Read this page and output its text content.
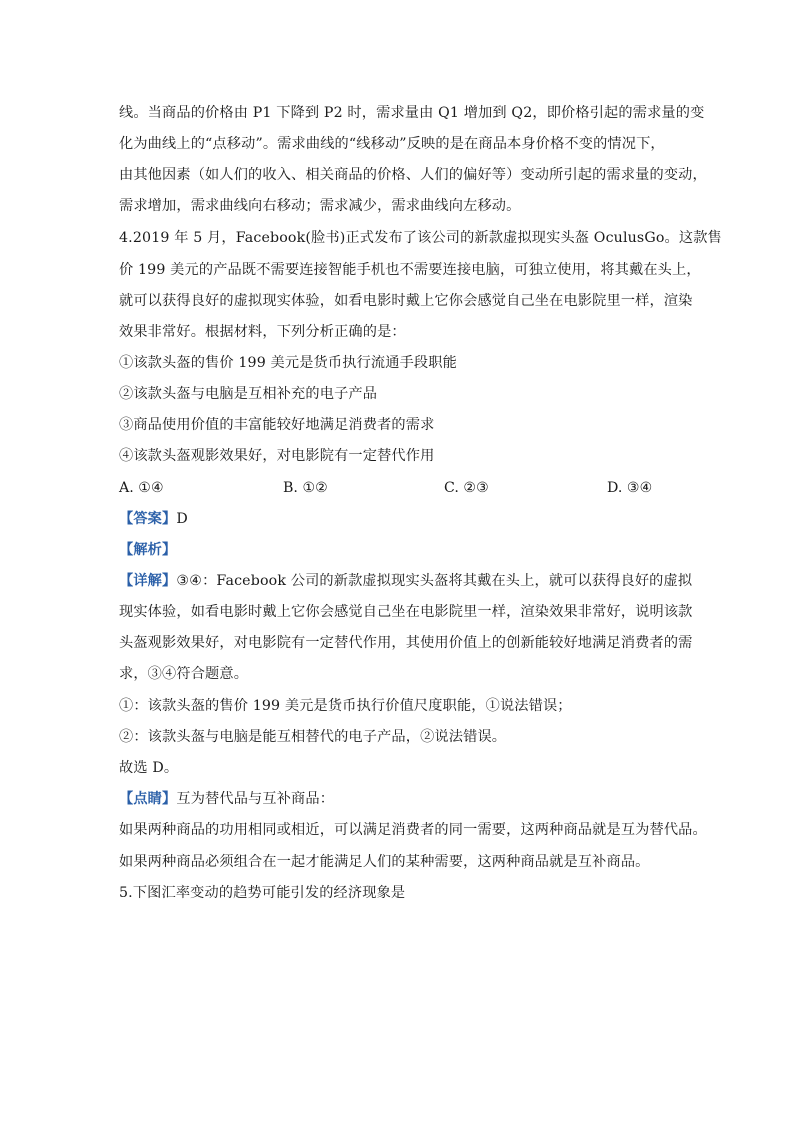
线。当商品的价格由 P1 下降到 P2 时，需求量由 Q1 增加到 Q2，即价格引起的需求量的变
化为曲线上的“点移动”。需求曲线的“线移动”反映的是在商品本身价格不变的情况下，
由其他因素（如人们的收入、相关商品的价格、人们的偏好等）变动所引起的需求量的变动，
需求增加，需求曲线向右移动；需求减少，需求曲线向左移动。
4.2019 年 5 月，Facebook(脸书)正式发布了该公司的新款虚拟现实头盔 OculusGo。这款售
价 199 美元的产品既不需要连接智能手机也不需要连接电脑，可独立使用，将其戴在头上，
就可以获得良好的虚拟现实体验，如看电影时戴上它你会感觉自己坐在电影院里一样，渲染
效果非常好。根据材料，下列分析正确的是：
①该款头盔的售价 199 美元是货币执行流通手段职能
②该款头盔与电脑是互相补充的电子产品
③商品使用价值的丰富能较好地满足消费者的需求
④该款头盔观影效果好，对电影院有一定替代作用
A. ①④	B. ①②	C. ②③	D. ③④
【答案】D
【解析】
【详解】③④：Facebook 公司的新款虚拟现实头盔将其戴在头上，就可以获得良好的虚拟
现实体验，如看电影时戴上它你会感觉自己坐在电影院里一样，渲染效果非常好，说明该款
头盔观影效果好，对电影院有一定替代作用，其使用价值上的创新能较好地满足消费者的需
求，③④符合题意。
①：该款头盔的售价 199 美元是货币执行价值尺度职能，①说法错误；
②：该款头盔与电脑是能互相替代的电子产品，②说法错误。
故选 D。
【点睛】互为替代品与互补商品：
如果两种商品的功用相同或相近，可以满足消费者的同一需要，这两种商品就是互为替代品。
如果两种商品必须组合在一起才能满足人们的某种需要，这两种商品就是互补商品。
5.下图汇率变动的趋势可能引发的经济现象是
